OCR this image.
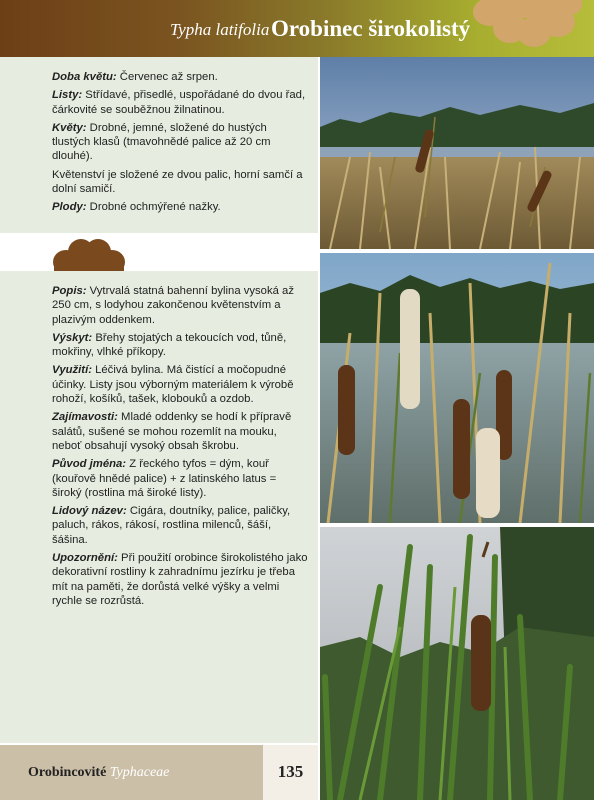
Typha latifolia Orobinec širokolistý

Doba květu: Červenec až srpen.

Listy: Střídavé, přisedlé, uspořádané do dvou řad, čárkovité se souběžnou žilnatinou.

Květy: Drobné, jemné, složené do hustých tlustých klasů (tmavohnědé palice až 20 cm dlouhé).

Květenství je složené ze dvou palic, horní samčí a dolní samičí.

Plody: Drobné ochmýřené nažky.

Popis: Vytrvalá statná bahenní bylina vysoká až 250 cm, s lodyhou zakončenou květenstvím a plazivým oddenkem.

Výskyt: Břehy stojatých a tekoucích vod, tůně, mokřiny, vlhké příkopy.

Využití: Léčivá bylina. Má čistící a močopudné účinky. Listy jsou výborným materiálem k výrobě rohoží, košíků, tašek, klobouků a ozdob.

Zajímavosti: Mladé oddenky se hodí k přípravě salátů, sušené se mohou rozemlít na mouku, neboť obsahují vysoký obsah škrobu.

Původ jména: Z řeckého tyfos = dým, kouř (kouřově hnědé palice) + z latinského latus = široký (rostlina má široké listy).

Lidový název: Cigára, doutníky, palice, paličky, paluch, rákos, rákosí, rostlina milenců, šáší, šášina.

Upozornění: Při použití orobince širokolistého jako dekorativní rostliny k zahradnímu jezírku je třeba mít na paměti, že dorůstá velké výšky a velmi rychle se rozrůstá.

Orobincovité Typhaceae	135
